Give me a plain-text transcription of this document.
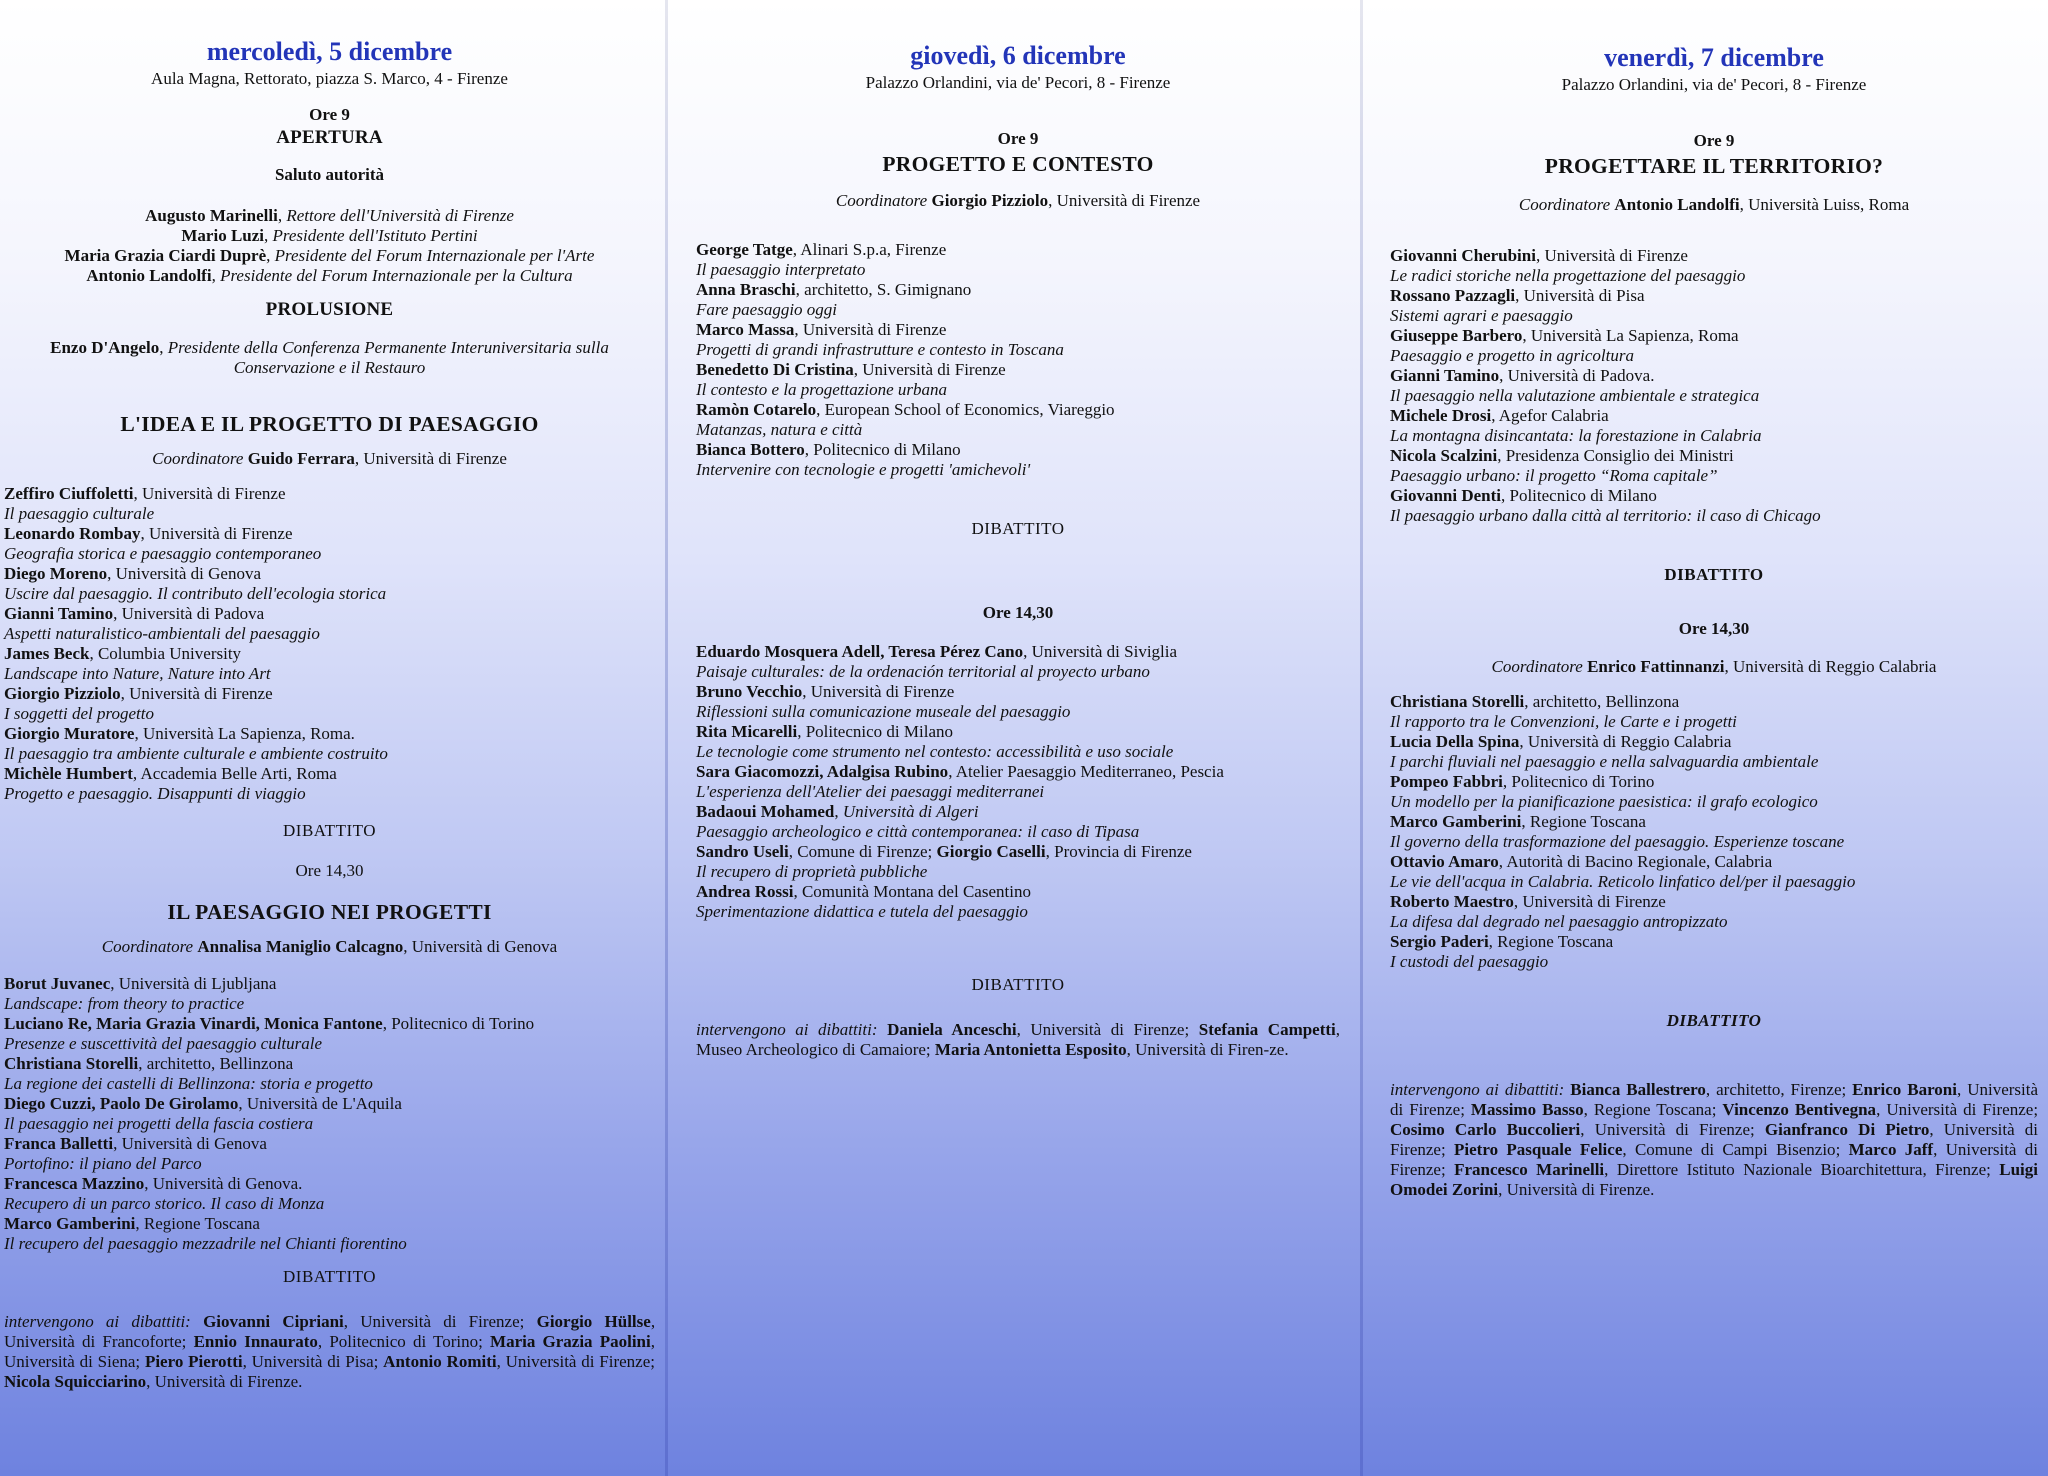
mercoledì, 5 dicembre

Aula Magna, Rettorato, piazza S. Marco, 4 - Firenze

Ore 9

APERTURA

Saluto autorità

Augusto Marinelli, Rettore dell'Università di Firenze

Mario Luzi, Presidente dell'Istituto Pertini

Maria Grazia Ciardi Duprè, Presidente del Forum Internazionale per l'Arte

Antonio Landolfi, Presidente del Forum Internazionale per la Cultura

PROLUSIONE

Enzo D'Angelo, Presidente della Conferenza Permanente Interuniversitaria sulla

Conservazione e il Restauro

L'IDEA E IL PROGETTO DI PAESAGGIO

Coordinatore Guido Ferrara, Università di Firenze

Zeffiro Ciuffoletti, Università di Firenze

Il paesaggio culturale

Leonardo Rombay, Università di Firenze

Geografia storica e paesaggio contemporaneo

Diego Moreno, Università di Genova

Uscire dal paesaggio. Il contributo dell'ecologia storica

Gianni Tamino, Università di Padova

Aspetti naturalistico-ambientali del paesaggio

James Beck, Columbia University

Landscape into Nature, Nature into Art

Giorgio Pizziolo, Università di Firenze

I soggetti del progetto

Giorgio Muratore, Università La Sapienza, Roma.

Il paesaggio tra ambiente culturale e ambiente costruito

Michèle Humbert, Accademia Belle Arti, Roma

Progetto e paesaggio. Disappunti di viaggio

DIBATTITO

Ore 14,30

IL PAESAGGIO NEI PROGETTI

Coordinatore Annalisa Maniglio Calcagno, Università di Genova

Borut Juvanec, Università di Ljubljana

Landscape: from theory to practice

Luciano Re, Maria Grazia Vinardi, Monica Fantone, Politecnico di Torino

Presenze e suscettività del paesaggio culturale

Christiana Storelli, architetto, Bellinzona

La regione dei castelli di Bellinzona: storia e progetto

Diego Cuzzi, Paolo De Girolamo, Università de L'Aquila

Il paesaggio nei progetti della fascia costiera

Franca Balletti, Università di Genova

Portofino: il piano del Parco

Francesca Mazzino, Università di Genova.

Recupero di un parco storico. Il caso di Monza

Marco Gamberini, Regione Toscana

Il recupero del paesaggio mezzadrile nel Chianti fiorentino

DIBATTITO

intervengono ai dibattiti: Giovanni Cipriani, Università di Firenze; Giorgio Hüllse, Università di Francoforte; Ennio Innaurato, Politecnico di Torino; Maria Grazia Paolini, Università di Siena; Piero Pierotti, Università di Pisa; Antonio Romiti, Università di Firenze; Nicola Squicciarino, Università di Firenze.

giovedì, 6 dicembre

Palazzo Orlandini, via de' Pecori, 8 - Firenze

Ore 9

PROGETTO E CONTESTO

Coordinatore Giorgio Pizziolo, Università di Firenze

George Tatge, Alinari S.p.a, Firenze

Il paesaggio interpretato

Anna Braschi, architetto, S. Gimignano

Fare paesaggio oggi

Marco Massa, Università di Firenze

Progetti di grandi infrastrutture e contesto in Toscana

Benedetto Di Cristina, Università di Firenze

Il contesto e la progettazione urbana

Ramòn Cotarelo, European School of Economics, Viareggio

Matanzas, natura e città

Bianca Bottero, Politecnico di Milano

Intervenire con tecnologie e progetti 'amichevoli'

DIBATTITO

Ore 14,30

Eduardo Mosquera Adell, Teresa Pérez Cano, Università di Siviglia

Paisaje culturales: de la ordenación territorial al proyecto urbano

Bruno Vecchio, Università di Firenze

Riflessioni sulla comunicazione museale del paesaggio

Rita Micarelli, Politecnico di Milano

Le tecnologie come strumento nel contesto: accessibilità e uso sociale

Sara Giacomozzi, Adalgisa Rubino, Atelier Paesaggio Mediterraneo, Pescia

L'esperienza dell'Atelier dei paesaggi mediterranei

Badaoui Mohamed, Università di Algeri

Paesaggio archeologico e città contemporanea: il caso di Tipasa

Sandro Useli, Comune di Firenze; Giorgio Caselli, Provincia di Firenze

Il recupero di proprietà pubbliche

Andrea Rossi, Comunità Montana del Casentino

Sperimentazione didattica e tutela del paesaggio

DIBATTITO

intervengono ai dibattiti: Daniela Anceschi, Università di Firenze; Stefania Campetti, Museo Archeologico di Camaiore; Maria Antonietta Esposito, Università di Firen-ze.

venerdì, 7 dicembre

Palazzo Orlandini, via de' Pecori, 8 - Firenze

Ore 9

PROGETTARE IL TERRITORIO?

Coordinatore Antonio Landolfi, Università Luiss, Roma

Giovanni Cherubini, Università di Firenze

Le radici storiche nella progettazione del paesaggio

Rossano Pazzagli, Università di Pisa

Sistemi agrari e paesaggio

Giuseppe Barbero, Università La Sapienza, Roma

Paesaggio e progetto in agricoltura

Gianni Tamino, Università di Padova.

Il paesaggio nella valutazione ambientale e strategica

Michele Drosi, Agefor Calabria

La montagna disincantata: la forestazione in Calabria

Nicola Scalzini, Presidenza Consiglio dei Ministri

Paesaggio urbano: il progetto “Roma capitale”

Giovanni Denti, Politecnico di Milano

Il paesaggio urbano dalla città al territorio: il caso di Chicago

DIBATTITO

Ore 14,30

Coordinatore Enrico Fattinnanzi, Università di Reggio Calabria

Christiana Storelli, architetto, Bellinzona

Il rapporto tra le Convenzioni, le Carte e i progetti

Lucia Della Spina, Università di Reggio Calabria

I parchi fluviali nel paesaggio e nella salvaguardia ambientale

Pompeo Fabbri, Politecnico di Torino

Un modello per la pianificazione paesistica: il grafo ecologico

Marco Gamberini, Regione Toscana

Il governo della trasformazione del paesaggio. Esperienze toscane

Ottavio Amaro, Autorità di Bacino Regionale, Calabria

Le vie dell'acqua in Calabria. Reticolo linfatico del/per il paesaggio

Roberto Maestro, Università di Firenze

La difesa dal degrado nel paesaggio antropizzato

Sergio Paderi, Regione Toscana

I custodi del paesaggio

DIBATTITO

intervengono ai dibattiti: Bianca Ballestrero, architetto, Firenze; Enrico Baroni, Università di Firenze; Massimo Basso, Regione Toscana; Vincenzo Bentivegna, Università di Firenze; Cosimo Carlo Buccolieri, Università di Firenze; Gianfranco Di Pietro, Università di Firenze; Pietro Pasquale Felice, Comune di Campi Bisenzio; Marco Jaff, Università di Firenze; Francesco Marinelli, Direttore Istituto Nazionale Bioarchitettura, Firenze; Luigi Omodei Zorini, Università di Firenze.
